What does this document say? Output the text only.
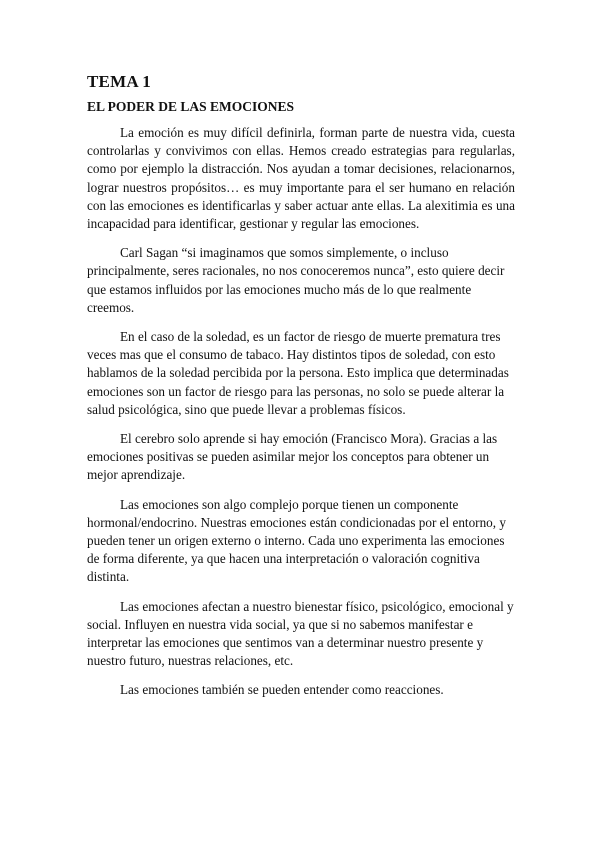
TEMA 1
EL PODER DE LAS EMOCIONES

La emoción es muy difícil definirla, forman parte de nuestra vida, cuesta controlarlas y convivimos con ellas. Hemos creado estrategias para regularlas, como por ejemplo la distracción. Nos ayudan a tomar decisiones, relacionarnos, lograr nuestros propósitos… es muy importante para el ser humano en relación con las emociones es identificarlas y saber actuar ante ellas. La alexitimia es una incapacidad para identificar, gestionar y regular las emociones.

Carl Sagan “si imaginamos que somos simplemente, o incluso principalmente, seres racionales, no nos conoceremos nunca”, esto quiere decir que estamos influidos por las emociones mucho más de lo que realmente creemos.

En el caso de la soledad, es un factor de riesgo de muerte prematura tres veces mas que el consumo de tabaco. Hay distintos tipos de soledad, con esto hablamos de la soledad percibida por la persona. Esto implica que determinadas emociones son un factor de riesgo para las personas, no solo se puede alterar la salud psicológica, sino que puede llevar a problemas físicos.

El cerebro solo aprende si hay emoción (Francisco Mora). Gracias a las emociones positivas se pueden asimilar mejor los conceptos para obtener un mejor aprendizaje.

Las emociones son algo complejo porque tienen un componente hormonal/endocrino. Nuestras emociones están condicionadas por el entorno, y pueden tener un origen externo o interno. Cada uno experimenta las emociones de forma diferente, ya que hacen una interpretación o valoración cognitiva distinta.

Las emociones afectan a nuestro bienestar físico, psicológico, emocional y social. Influyen en nuestra vida social, ya que si no sabemos manifestar e interpretar las emociones que sentimos van a determinar nuestro presente y nuestro futuro, nuestras relaciones, etc.

Las emociones también se pueden entender como reacciones.
